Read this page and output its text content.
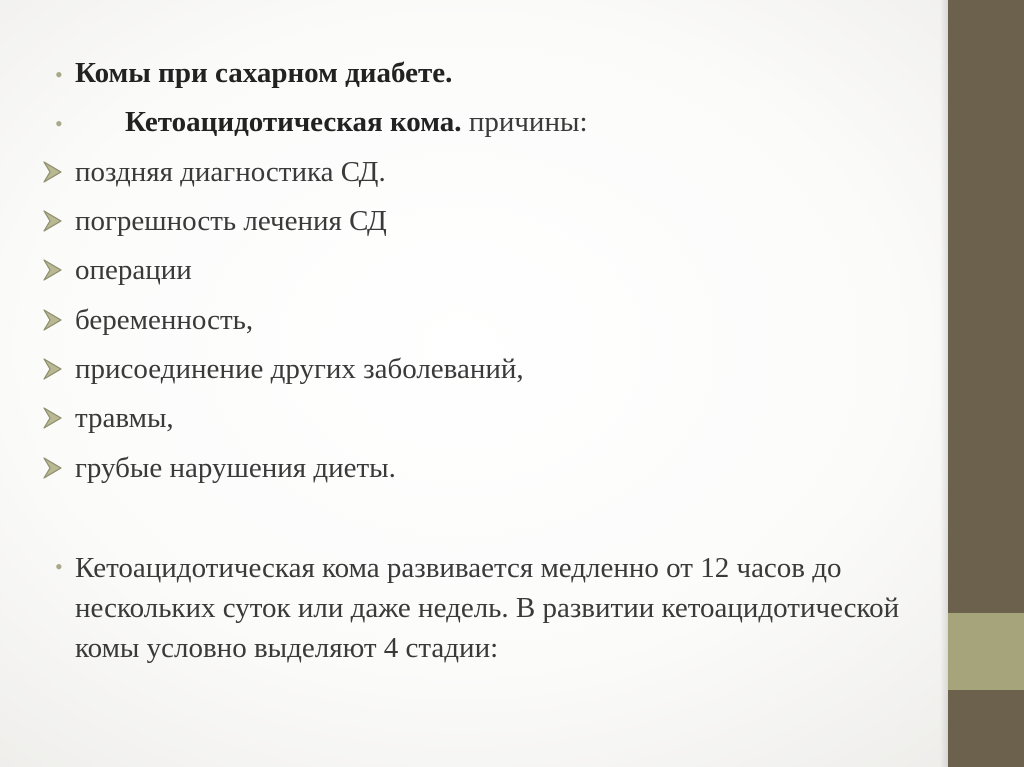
• Комы при сахарном диабете.
• Кетоацидотическая кома. причины:
поздняя диагностика СД.
погрешность лечения СД
операции
беременность,
присоединение других заболеваний,
травмы,
грубые нарушения диеты.
• Кетоацидотическая кома развивается медленно от 12 часов до нескольких суток или даже недель. В развитии кетоацидотической комы условно выделяют 4 стадии:
